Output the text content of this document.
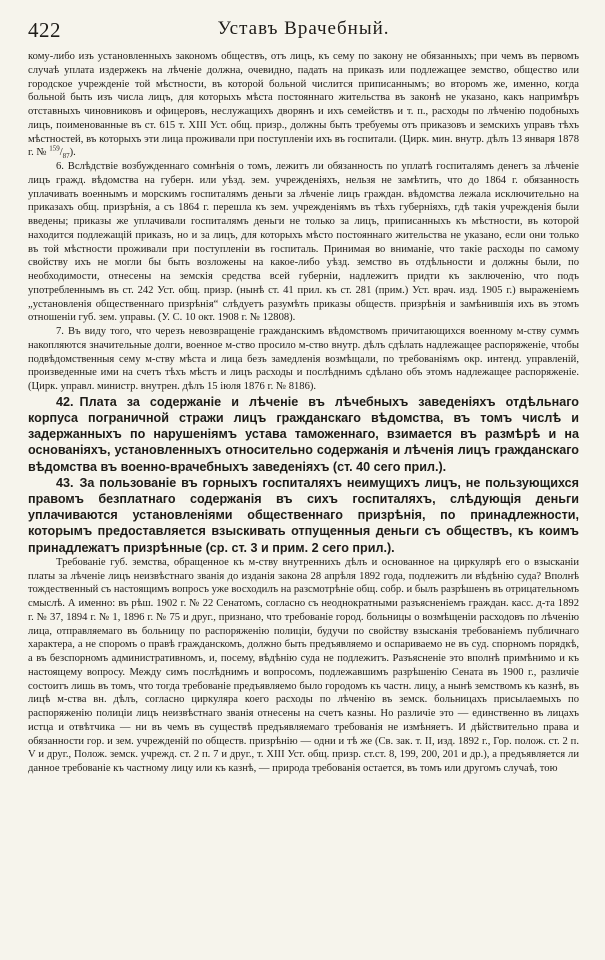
422	Уставъ Врачебный.

кому-либо изъ установленныхъ закономъ обществъ, отъ лицъ, къ сему по закону не обязанныхъ; при чемъ въ первомъ случаѣ уплата издержекъ на лѣченіе должна, очевидно, падать на приказъ или подлежащее земство, общество или городское учрежденіе той мѣстности, въ которой больной числится приписаннымъ; во второмъ же, именно, когда больной быть изъ числа лицъ, для которыхъ мѣста постояннаго жительства въ законѣ не указано, какъ напримѣръ отставныхъ чиновниковъ и офицеровъ, неслужащихъ дворянъ и ихъ семействъ и т. п., расходы по лѣченію подобныхъ лицъ, поименованные въ ст. 615 т. XIII Уст. общ. призр., должны быть требуемы отъ приказовъ и земскихъ управъ тѣхъ мѣстностей, въ которыхъ эти лица проживали при поступленіи ихъ въ госпитали. (Цирк. мин. внутр. дѣлъ 13 января 1878 г. № $^{159}/_{87}$).

6. Вслѣдствіе возбужденнаго сомнѣнія о томъ, лежитъ ли обязанность по уплатѣ госпиталямъ денегъ за лѣченіе лицъ гражд. вѣдомства на губерн. или уѣзд. зем. учрежденіяхъ, нельзя не замѣтить, что до 1864 г. обязанность уплачивать военнымъ и морскимъ госпиталямъ деньги за лѣченіе лицъ граждан. вѣдомства лежала исключительно на приказахъ общ. призрѣнія, а съ 1864 г. перешла къ зем. учрежденіямъ въ тѣхъ губерніяхъ, гдѣ такія учрежденія были введены; приказы же уплачивали госпиталямъ деньги не только за лицъ, приписанныхъ къ мѣстности, въ которой находится подлежащій приказъ, но и за лицъ, для которыхъ мѣсто постояннаго жительства не указано, если они только въ той мѣстности проживали при поступленіи въ госпиталь. Принимая во вниманіе, что такіе расходы по самому свойству ихъ не могли бы быть возложены на какое-либо уѣзд. земство въ отдѣльности и должны были, по необходимости, отнесены на земскія средства всей губерніи, надлежитъ придти къ заключенію, что подъ употребленнымъ въ ст. 242 Уст. общ. призр. (нынѣ ст. 41 прил. къ ст. 281 (прим.) Уст. врач. изд. 1905 г.) выраженіемъ „установленія общественнаго призрѣнія“ слѣдуетъ разумѣть приказы обществ. призрѣнія и замѣнившія ихъ въ этомъ отношеніи губ. зем. управы. (У. С. 10 окт. 1908 г. № 12808).

7. Въ виду того, что черезъ невозвращеніе гражданскимъ вѣдомствомъ причитающихся военному м-ству суммъ накопляются значительные долги, военное м-ство просило м-ство внутр. дѣлъ сдѣлать надлежащее распоряженіе, чтобы подвѣдомственныя сему м-ству мѣста и лица безъ замедленія возмѣщали, по требованіямъ окр. интенд. управленій, произведенные ими на счетъ тѣхъ мѣстъ и лицъ расходы и послѣднимъ сдѣлано объ этомъ надлежащее распоряженіе. (Цирк. управл. министр. внутрен. дѣлъ 15 іюля 1876 г. № 8186).

42. Плата за содержаніе и лѣченіе въ лѣчебныхъ заведеніяхъ отдѣльнаго корпуса пограничной стражи лицъ гражданскаго вѣдомства, въ томъ числѣ и задержанныхъ по нарушеніямъ устава таможеннаго, взимается въ размѣрѣ и на основаніяхъ, установленныхъ относительно содержанія и лѣченія лицъ гражданскаго вѣдомства въ военно-врачебныхъ заведеніяхъ (ст. 40 сего прил.).

43. За пользованіе въ горныхъ госпиталяхъ неимущихъ лицъ, не пользующихся правомъ безплатнаго содержанія въ сихъ госпиталяхъ, слѣдующія деньги уплачиваются установленіями общественнаго призрѣнія, по принадлежности, которымъ предоставляется взыскивать отпущенныя деньги съ обществъ, къ коимъ принадлежатъ призрѣнные (ср. ст. 3 и прим. 2 сего прил.).

Требованіе губ. земства, обращенное къ м-ству внутреннихъ дѣлъ и основанное на циркулярѣ его о взысканіи платы за лѣченіе лицъ неизвѣстнаго званія до изданія закона 28 апрѣля 1892 года, подлежитъ ли вѣдѣнію суда? Вполнѣ тождественный съ настоящимъ вопросъ уже восходилъ на разсмотрѣніе общ. собр. и былъ разрѣшенъ въ отрицательномъ смыслѣ. А именно: въ рѣш. 1902 г. № 22 Сенатомъ, согласно съ неоднократными разъясненіемъ граждан. касс. д-та 1892 г. № 37, 1894 г. № 1, 1896 г. № 75 и друг., признано, что требованіе город. больницы о возмѣщеніи расходовъ по лѣченію лица, отправляемаго въ больницу по распоряженію полиціи, будучи по свойству взысканія требованіемъ публичнаго характера, а не споромъ о правѣ гражданскомъ, должно быть предъявляемо и оспариваемо не въ суд. спорномъ порядкѣ, а въ безспорномъ административномъ, и, посему, вѣдѣнію суда не подлежитъ. Разъясненіе это вполнѣ примѣнимо и къ настоящему вопросу. Между симъ послѣднимъ и вопросомъ, подлежавшимъ разрѣшенію Сената въ 1900 г., различіе состоитъ лишь въ томъ, что тогда требованіе предъявляемо было городомъ къ частн. лицу, а нынѣ земствомъ къ казнѣ, въ лицѣ м-ства вн. дѣлъ, согласно циркуляра коего расходы по лѣченію въ земск. больницахъ присылаемыхъ по распоряженію полиціи лицъ неизвѣстнаго званія отнесены на счетъ казны. Но различіе это — единственно въ лицахъ истца и отвѣтчика — ни въ чемъ въ существѣ предъявляемаго требованія не измѣняетъ. И дѣйствительно права и обязанности гор. и зем. учрежденій по обществ. призрѣнію — одни и тѣ же (Св. зак. т. II, изд. 1892 г., Гор. полож. ст. 2 п. V и друг., Полож. земск. учрежд. ст. 2 п. 7 и друг., т. XIII Уст. общ. призр. ст.ст. 8, 199, 200, 201 и др.), а предъявляется ли данное требованіе къ частному лицу или къ казнѣ, — природа требованія остается, въ томъ или другомъ случаѣ, тою
